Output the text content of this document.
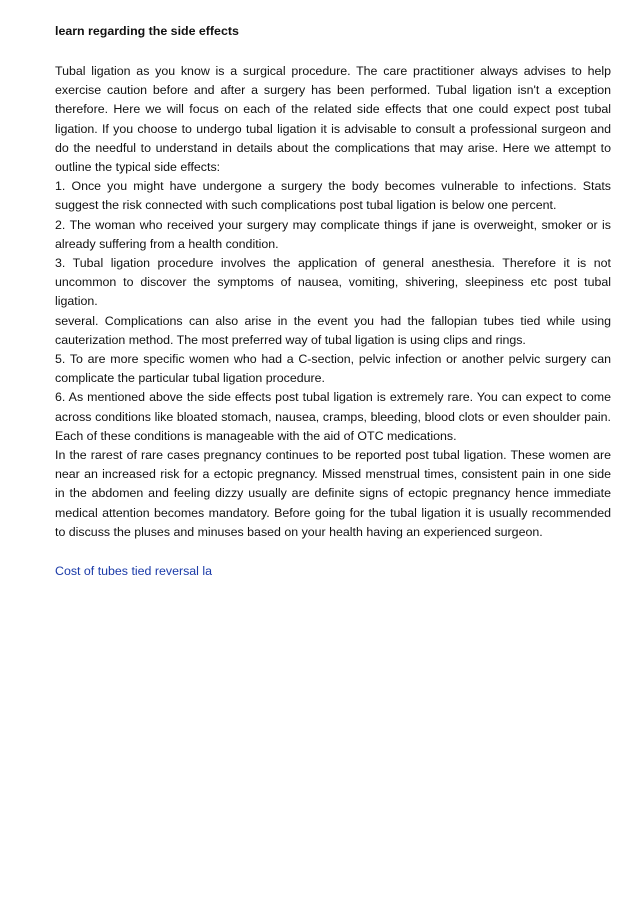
learn regarding the side effects

Tubal ligation as you know is a surgical procedure. The care practitioner always advises to help exercise caution before and after a surgery has been performed. Tubal ligation isn't a exception therefore. Here we will focus on each of the related side effects that one could expect post tubal ligation. If you choose to undergo tubal ligation it is advisable to consult a professional surgeon and do the needful to understand in details about the complications that may arise. Here we attempt to outline the typical side effects:

1. Once you might have undergone a surgery the body becomes vulnerable to infections. Stats suggest the risk connected with such complications post tubal ligation is below one percent.

2. The woman who received your surgery may complicate things if jane is overweight, smoker or is already suffering from a health condition.

3. Tubal ligation procedure involves the application of general anesthesia. Therefore it is not uncommon to discover the symptoms of nausea, vomiting, shivering, sleepiness etc post tubal ligation.

several. Complications can also arise in the event you had the fallopian tubes tied while using cauterization method. The most preferred way of tubal ligation is using clips and rings.

5. To are more specific women who had a C-section, pelvic infection or another pelvic surgery can complicate the particular tubal ligation procedure.

6. As mentioned above the side effects post tubal ligation is extremely rare. You can expect to come across conditions like bloated stomach, nausea, cramps, bleeding, blood clots or even shoulder pain. Each of these conditions is manageable with the aid of OTC medications.

In the rarest of rare cases pregnancy continues to be reported post tubal ligation. These women are near an increased risk for a ectopic pregnancy. Missed menstrual times, consistent pain in one side in the abdomen and feeling dizzy usually are definite signs of ectopic pregnancy hence immediate medical attention becomes mandatory. Before going for the tubal ligation it is usually recommended to discuss the pluses and minuses based on your health having an experienced surgeon.

Cost of tubes tied reversal la
